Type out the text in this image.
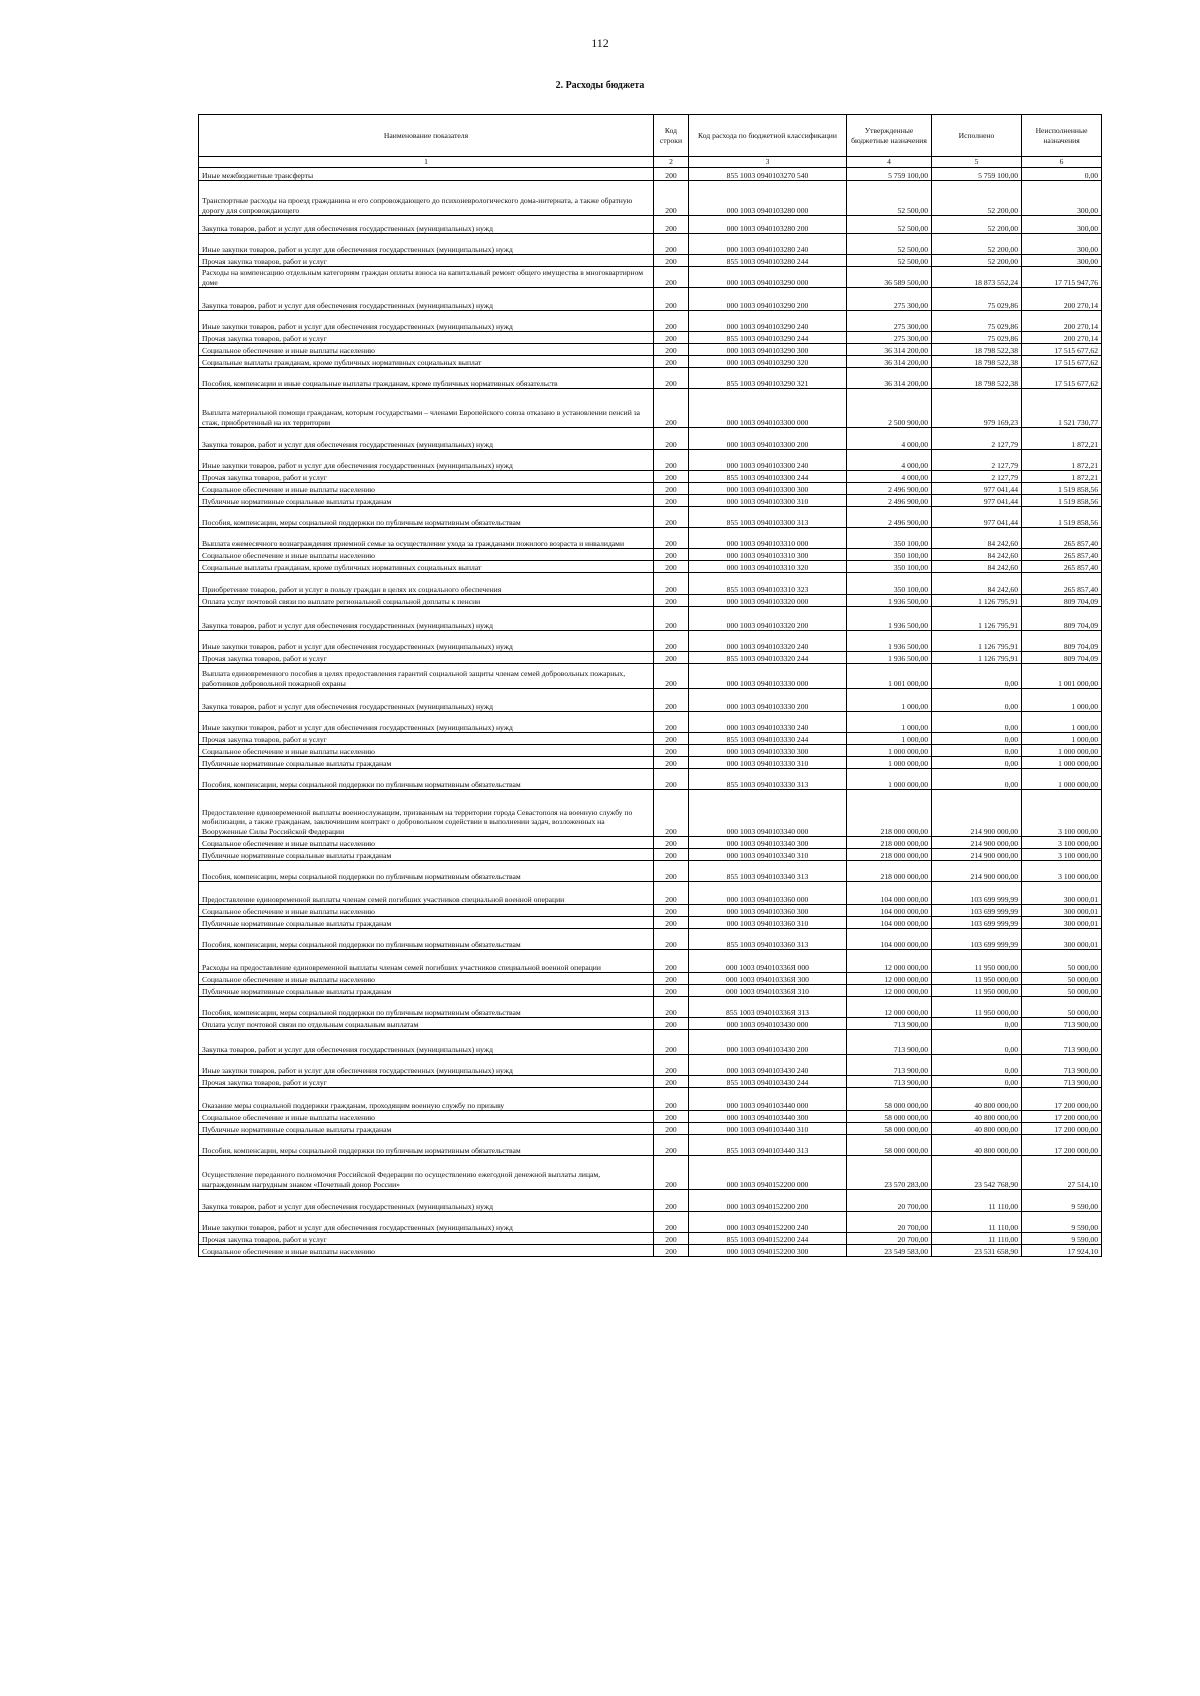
112
2. Расходы бюджета
Наименование показателя	Код строки	Код расхода по бюджетной классификации	Утвержденные бюджетные назначения	Исполнено	Неисполненные назначения
1	2	3	4	5	6
Иные межбюджетные трансферты	200	855 1003 0940103270 540	5 759 100,00	5 759 100,00	0,00
Транспортные расходы на проезд гражданина и его сопровождающего до психоневрологического дома-интерната, а также обратную дорогу для сопровождающего	200	000 1003 0940103280 000	52 500,00	52 200,00	300,00
Закупка товаров, работ и услуг для обеспечения государственных (муниципальных) нужд	200	000 1003 0940103280 200	52 500,00	52 200,00	300,00
Иные закупки товаров, работ и услуг для обеспечения государственных (муниципальных) нужд	200	000 1003 0940103280 240	52 500,00	52 200,00	300,00
Прочая закупка товаров, работ и услуг	200	855 1003 0940103280 244	52 500,00	52 200,00	300,00
Расходы на компенсацию отдельным категориям граждан оплаты взноса на капитальный ремонт общего имущества в многоквартирном доме	200	000 1003 0940103290 000	36 589 500,00	18 873 552,24	17 715 947,76
Закупка товаров, работ и услуг для обеспечения государственных (муниципальных) нужд	200	000 1003 0940103290 200	275 300,00	75 029,86	200 270,14
Иные закупки товаров, работ и услуг для обеспечения государственных (муниципальных) нужд	200	000 1003 0940103290 240	275 300,00	75 029,86	200 270,14
Прочая закупка товаров, работ и услуг	200	855 1003 0940103290 244	275 300,00	75 029,86	200 270,14
Социальное обеспечение и иные выплаты населению	200	000 1003 0940103290 300	36 314 200,00	18 798 522,38	17 515 677,62
Социальные выплаты гражданам, кроме публичных нормативных социальных выплат	200	000 1003 0940103290 320	36 314 200,00	18 798 522,38	17 515 677,62
Пособия, компенсации и иные социальные выплаты гражданам, кроме публичных нормативных обязательств	200	855 1003 0940103290 321	36 314 200,00	18 798 522,38	17 515 677,62
Выплата материальной помощи гражданам, которым государствами – членами Европейского союза отказано в установлении пенсий за стаж, приобретенный на их территории	200	000 1003 0940103300 000	2 500 900,00	979 169,23	1 521 730,77
Закупка товаров, работ и услуг для обеспечения государственных (муниципальных) нужд	200	000 1003 0940103300 200	4 000,00	2 127,79	1 872,21
Иные закупки товаров, работ и услуг для обеспечения государственных (муниципальных) нужд	200	000 1003 0940103300 240	4 000,00	2 127,79	1 872,21
Прочая закупка товаров, работ и услуг	200	855 1003 0940103300 244	4 000,00	2 127,79	1 872,21
Социальное обеспечение и иные выплаты населению	200	000 1003 0940103300 300	2 496 900,00	977 041,44	1 519 858,56
Публичные нормативные социальные выплаты гражданам	200	000 1003 0940103300 310	2 496 900,00	977 041,44	1 519 858,56
Пособия, компенсации, меры социальной поддержки по публичным нормативным обязательствам	200	855 1003 0940103300 313	2 496 900,00	977 041,44	1 519 858,56
Выплата ежемесячного вознаграждения приемной семье за осуществление ухода за гражданами пожилого возраста и инвалидами	200	000 1003 0940103310 000	350 100,00	84 242,60	265 857,40
Социальное обеспечение и иные выплаты населению	200	000 1003 0940103310 300	350 100,00	84 242,60	265 857,40
Социальные выплаты гражданам, кроме публичных нормативных социальных выплат	200	000 1003 0940103310 320	350 100,00	84 242,60	265 857,40
Приобретение товаров, работ и услуг в пользу граждан в целях их социального обеспечения	200	855 1003 0940103310 323	350 100,00	84 242,60	265 857,40
Оплата услуг почтовой связи по выплате региональной социальной доплаты к пенсии	200	000 1003 0940103320 000	1 936 500,00	1 126 795,91	809 704,09
Закупка товаров, работ и услуг для обеспечения государственных (муниципальных) нужд	200	000 1003 0940103320 200	1 936 500,00	1 126 795,91	809 704,09
Иные закупки товаров, работ и услуг для обеспечения государственных (муниципальных) нужд	200	000 1003 0940103320 240	1 936 500,00	1 126 795,91	809 704,09
Прочая закупка товаров, работ и услуг	200	855 1003 0940103320 244	1 936 500,00	1 126 795,91	809 704,09
Выплата единовременного пособия в целях предоставления гарантий социальной защиты членам семей добровольных пожарных, работников добровольной пожарной охраны	200	000 1003 0940103330 000	1 001 000,00	0,00	1 001 000,00
Закупка товаров, работ и услуг для обеспечения государственных (муниципальных) нужд	200	000 1003 0940103330 200	1 000,00	0,00	1 000,00
Иные закупки товаров, работ и услуг для обеспечения государственных (муниципальных) нужд	200	000 1003 0940103330 240	1 000,00	0,00	1 000,00
Прочая закупка товаров, работ и услуг	200	855 1003 0940103330 244	1 000,00	0,00	1 000,00
Социальное обеспечение и иные выплаты населению	200	000 1003 0940103330 300	1 000 000,00	0,00	1 000 000,00
Публичные нормативные социальные выплаты гражданам	200	000 1003 0940103330 310	1 000 000,00	0,00	1 000 000,00
Пособия, компенсации, меры социальной поддержки по публичным нормативным обязательствам	200	855 1003 0940103330 313	1 000 000,00	0,00	1 000 000,00
Предоставление единовременной выплаты военнослужащим, призванным на территории города Севастополя на военную службу по мобилизации, а также гражданам, заключившим контракт о добровольном содействии в выполнении задач, возложенных на Вооруженные Силы Российской Федерации	200	000 1003 0940103340 000	218 000 000,00	214 900 000,00	3 100 000,00
Социальное обеспечение и иные выплаты населению	200	000 1003 0940103340 300	218 000 000,00	214 900 000,00	3 100 000,00
Публичные нормативные социальные выплаты гражданам	200	000 1003 0940103340 310	218 000 000,00	214 900 000,00	3 100 000,00
Пособия, компенсации, меры социальной поддержки по публичным нормативным обязательствам	200	855 1003 0940103340 313	218 000 000,00	214 900 000,00	3 100 000,00
Предоставление единовременной выплаты членам семей погибших участников специальной военной операции	200	000 1003 0940103360 000	104 000 000,00	103 699 999,99	300 000,01
Социальное обеспечение и иные выплаты населению	200	000 1003 0940103360 300	104 000 000,00	103 699 999,99	300 000,01
Публичные нормативные социальные выплаты гражданам	200	000 1003 0940103360 310	104 000 000,00	103 699 999,99	300 000,01
Пособия, компенсации, меры социальной поддержки по публичным нормативным обязательствам	200	855 1003 0940103360 313	104 000 000,00	103 699 999,99	300 000,01
Расходы на предоставление единовременной выплаты членам семей погибших участников специальной военной операции	200	000 1003 094010336Я 000	12 000 000,00	11 950 000,00	50 000,00
Социальное обеспечение и иные выплаты населению	200	000 1003 094010336Я 300	12 000 000,00	11 950 000,00	50 000,00
Публичные нормативные социальные выплаты гражданам	200	000 1003 094010336Я 310	12 000 000,00	11 950 000,00	50 000,00
Пособия, компенсации, меры социальной поддержки по публичным нормативным обязательствам	200	855 1003 094010336Я 313	12 000 000,00	11 950 000,00	50 000,00
Оплата услуг почтовой связи по отдельным социальным выплатам	200	000 1003 0940103430 000	713 900,00	0,00	713 900,00
Закупка товаров, работ и услуг для обеспечения государственных (муниципальных) нужд	200	000 1003 0940103430 200	713 900,00	0,00	713 900,00
Иные закупки товаров, работ и услуг для обеспечения государственных (муниципальных) нужд	200	000 1003 0940103430 240	713 900,00	0,00	713 900,00
Прочая закупка товаров, работ и услуг	200	855 1003 0940103430 244	713 900,00	0,00	713 900,00
Оказание меры социальной поддержки гражданам, проходящим военную службу по призыву	200	000 1003 0940103440 000	58 000 000,00	40 800 000,00	17 200 000,00
Социальное обеспечение и иные выплаты населению	200	000 1003 0940103440 300	58 000 000,00	40 800 000,00	17 200 000,00
Публичные нормативные социальные выплаты гражданам	200	000 1003 0940103440 310	58 000 000,00	40 800 000,00	17 200 000,00
Пособия, компенсации, меры социальной поддержки по публичным нормативным обязательствам	200	855 1003 0940103440 313	58 000 000,00	40 800 000,00	17 200 000,00
Осуществление переданного полномочия Российской Федерации по осуществлению ежегодной денежной выплаты лицам, награжденным нагрудным знаком «Почетный донор России»	200	000 1003 0940152200 000	23 570 283,00	23 542 768,90	27 514,10
Закупка товаров, работ и услуг для обеспечения государственных (муниципальных) нужд	200	000 1003 0940152200 200	20 700,00	11 110,00	9 590,00
Иные закупки товаров, работ и услуг для обеспечения государственных (муниципальных) нужд	200	000 1003 0940152200 240	20 700,00	11 110,00	9 590,00
Прочая закупка товаров, работ и услуг	200	855 1003 0940152200 244	20 700,00	11 110,00	9 590,00
Социальное обеспечение и иные выплаты населению	200	000 1003 0940152200 300	23 549 583,00	23 531 658,90	17 924,10
